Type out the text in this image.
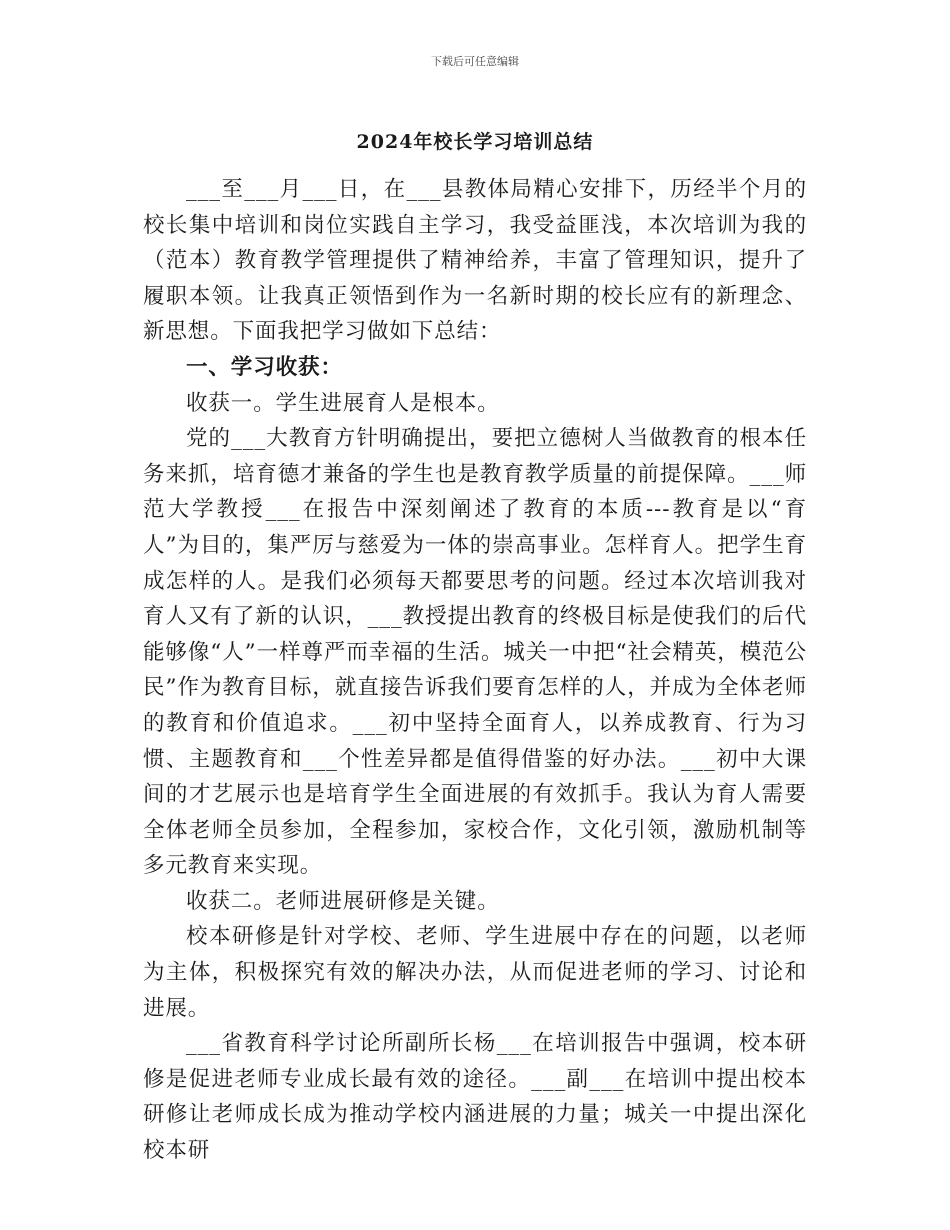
下载后可任意编辑
2024年校长学习培训总结

___至___月___日，在___县教体局精心安排下，历经半个月的校长集中培训和岗位实践自主学习，我受益匪浅，本次培训为我的（范本）教育教学管理提供了精神给养，丰富了管理知识，提升了履职本领。让我真正领悟到作为一名新时期的校长应有的新理念、新思想。下面我把学习做如下总结：

一、学习收获：

收获一。学生进展育人是根本。

党的___大教育方针明确提出，要把立德树人当做教育的根本任务来抓，培育德才兼备的学生也是教育教学质量的前提保障。___师范大学教授___在报告中深刻阐述了教育的本质---教育是以“育人”为目的，集严厉与慈爱为一体的崇高事业。怎样育人。把学生育成怎样的人。是我们必须每天都要思考的问题。经过本次培训我对育人又有了新的认识，___教授提出教育的终极目标是使我们的后代能够像“人”一样尊严而幸福的生活。城关一中把“社会精英，模范公民”作为教育目标，就直接告诉我们要育怎样的人，并成为全体老师的教育和价值追求。___初中坚持全面育人，以养成教育、行为习惯、主题教育和___个性差异都是值得借鉴的好办法。___初中大课间的才艺展示也是培育学生全面进展的有效抓手。我认为育人需要全体老师全员参加，全程参加，家校合作，文化引领，激励机制等多元教育来实现。

收获二。老师进展研修是关键。

校本研修是针对学校、老师、学生进展中存在的问题，以老师为主体，积极探究有效的解决办法，从而促进老师的学习、讨论和进展。

___省教育科学讨论所副所长杨___在培训报告中强调，校本研修是促进老师专业成长最有效的途径。___副___在培训中提出校本研修让老师成长成为推动学校内涵进展的力量；城关一中提出深化校本研
